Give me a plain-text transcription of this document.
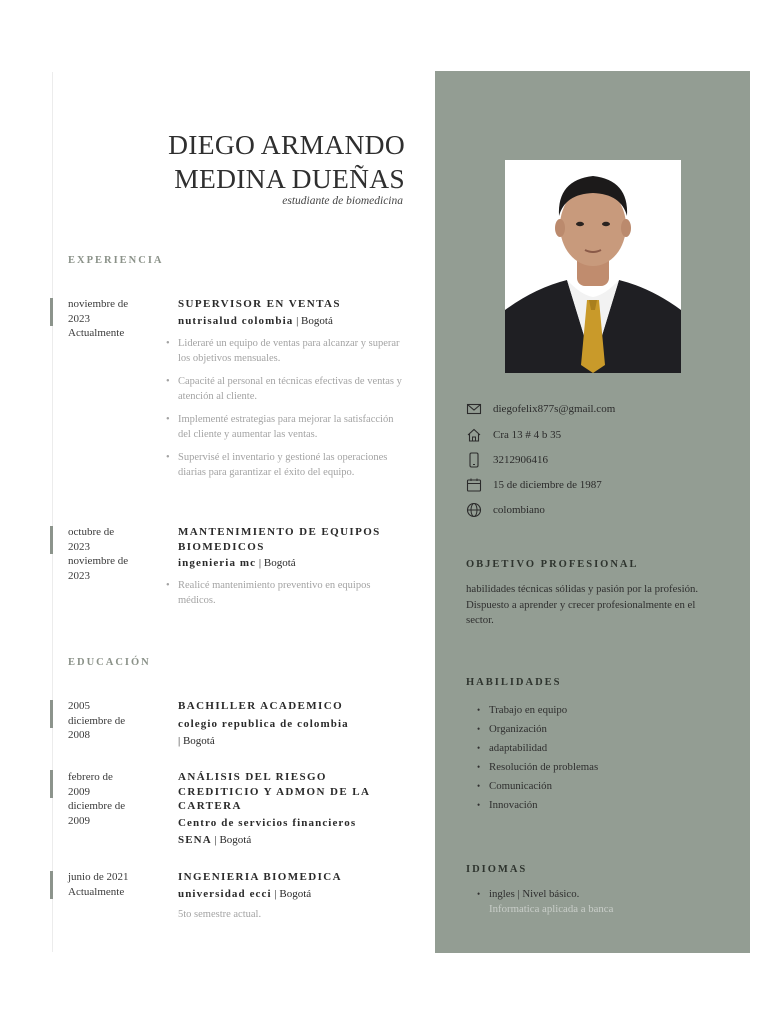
DIEGO ARMANDO
MEDINA DUEÑAS
estudiante de biomedicina
EXPERIENCIA
noviembre de
2023
Actualmente
SUPERVISOR EN VENTAS
nutrisalud colombia | Bogotá
• Lideraré un equipo de ventas para alcanzar y superar los objetivos mensuales.
• Capacité al personal en técnicas efectivas de ventas y atención al cliente.
• Implementé estrategias para mejorar la satisfacción del cliente y aumentar las ventas.
• Supervisé el inventario y gestioné las operaciones diarias para garantizar el éxito del equipo.
octubre de
2023
noviembre de
2023
MANTENIMIENTO DE EQUIPOS
BIOMEDICOS
ingenieria mc | Bogotá
• Realicé mantenimiento preventivo en equipos médicos.
EDUCACIÓN
2005
diciembre de
2008
BACHILLER ACADEMICO
colegio republica de colombia
| Bogotá
febrero de
2009
diciembre de
2009
ANÁLISIS DEL RIESGO
CREDITICIO Y ADMON DE LA
CARTERA
Centro de servicios financieros
SENA | Bogotá
junio de 2021
Actualmente
INGENIERIA BIOMEDICA
universidad ecci | Bogotá
5to semestre actual.
diegofelix877s@gmail.com
Cra 13 # 4 b 35
3212906416
15 de diciembre de 1987
colombiano
OBJETIVO PROFESIONAL
habilidades técnicas sólidas y pasión por la profesión. Dispuesto a aprender y crecer profesionalmente en el sector.
HABILIDADES
• Trabajo en equipo
• Organización
• adaptabilidad
• Resolución de problemas
• Comunicación
• Innovación
IDIOMAS
• ingles | Nivel básico.
Informatica aplicada a banca
